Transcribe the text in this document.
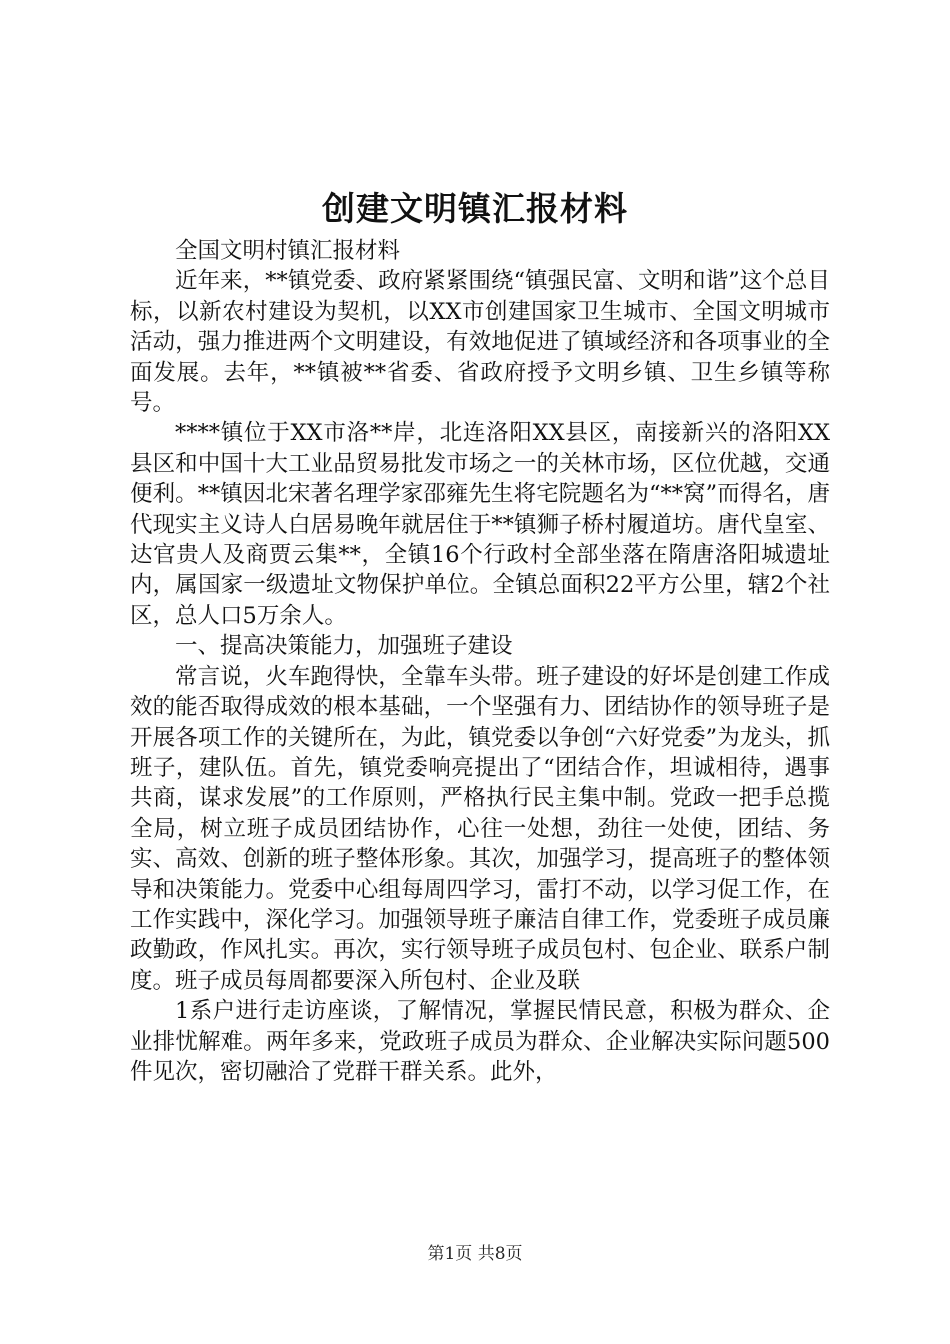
创建文明镇汇报材料

全国文明村镇汇报材料

近年来，**镇党委、政府紧紧围绕“镇强民富、文明和谐”这个总目标，以新农村建设为契机，以XX市创建国家卫生城市、全国文明城市活动，强力推进两个文明建设，有效地促进了镇域经济和各项事业的全面发展。去年，**镇被**省委、省政府授予文明乡镇、卫生乡镇等称号。

****镇位于XX市洛**岸，北连洛阳XX县区，南接新兴的洛阳XX县区和中国十大工业品贸易批发市场之一的关林市场，区位优越，交通便利。**镇因北宋著名理学家邵雍先生将宅院题名为“**窝”而得名，唐代现实主义诗人白居易晚年就居住于**镇狮子桥村履道坊。唐代皇室、达官贵人及商贾云集**，全镇16个行政村全部坐落在隋唐洛阳城遗址内，属国家一级遗址文物保护单位。全镇总面积22平方公里，辖2个社区，总人口5万余人。

一、提高决策能力，加强班子建设

常言说，火车跑得快，全靠车头带。班子建设的好坏是创建工作成效的能否取得成效的根本基础，一个坚强有力、团结协作的领导班子是开展各项工作的关键所在，为此，镇党委以争创“六好党委”为龙头，抓班子，建队伍。首先，镇党委响亮提出了“团结合作，坦诚相待，遇事共商，谋求发展”的工作原则，严格执行民主集中制。党政一把手总揽全局，树立班子成员团结协作，心往一处想，劲往一处使，团结、务实、高效、创新的班子整体形象。其次，加强学习，提高班子的整体领导和决策能力。党委中心组每周四学习，雷打不动，以学习促工作，在工作实践中，深化学习。加强领导班子廉洁自律工作，党委班子成员廉政勤政，作风扎实。再次，实行领导班子成员包村、包企业、联系户制度。班子成员每周都要深入所包村、企业及联

1系户进行走访座谈，了解情况，掌握民情民意，积极为群众、企业排忧解难。两年多来，党政班子成员为群众、企业解决实际问题500件见次，密切融洽了党群干群关系。此外，

第1页 共8页
